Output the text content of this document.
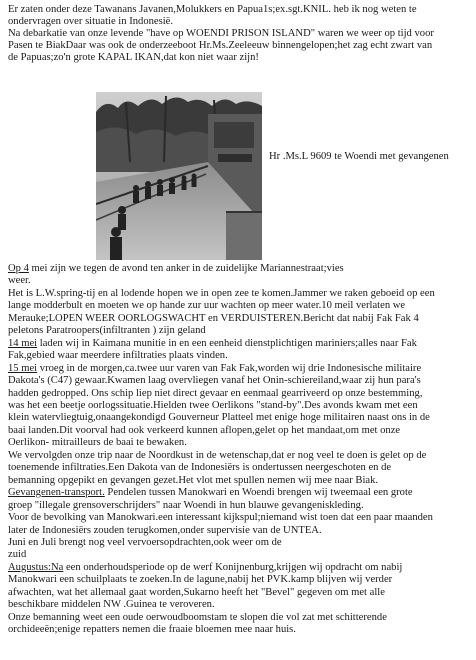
Er zaten onder deze Tawanans Javanen,Molukkers en Papua1s;ex.sgt.KNIL. heb ik nog weten te

ondervragen over situatie in Indonesië.

Na debarkatie van onze levende "have op WOENDI PRISON ISLAND" waren we weer op tijd voor

Pasen te BiakDaar was ook de onderzeeboot Hr.Ms.Zeeleeuw binnengelopen;het zag echt zwart van

de Papuas;zo'n grote KAPAL IKAN,dat kon niet waar zijn!

Hr .Ms.L 9609 te Woendi met gevangenen

Op 4 mei zijn we tegen de avond ten anker in de zuidelijke Mariannestraat;vies

weer.

Het is L.W.spring-tij en al lodende hopen we in open zee te komen.Jammer we raken geboeid op een

lange modderbult en moeten we op hande zur uur wachten op meer water.10 meil verlaten we

Merauke;LOPEN WEER OORLOGSWACHT en VERDUISTEREN.Bericht dat nabij Fak Fak 4

peletons Paratroopers(infiltranten ) zijn geland

14 mei laden wij in Kaimana munitie in en een eenheid dienstplichtigen mariniers;alles naar Fak

Fak,gebied waar meerdere infiltraties plaats vinden.

15 mei vroeg in de morgen,ca.twee uur varen van Fak Fak,worden wij drie Indonesische militaire

Dakota's (C47) gewaar.Kwamen laag overvliegen vanaf het Onin-schiereiland,waar zij hun para's

hadden gedropped. Ons schip liep niet direct gevaar en eenmaal gearriveerd op onze bestemming,

was het een beetje oorlogssituatie.Hielden twee Oerlikons "stand-by".Des avonds kwam met een

klein watervliegtuig,onaangekondigd Gouverneur Platteel met enige hoge militairen naast ons in de

baai landen.Dit voorval had ook verkeerd kunnen aflopen,gelet op het mandaat,om met onze

Oerlikon- mitrailleurs de baai te bewaken.

We vervolgden onze trip naar de Noordkust in de wetenschap,dat er nog veel te doen is gelet op de

toenemende infiltraties.Een Dakota van de Indonesiërs is ondertussen neergeschoten en de

bemanning opgepikt en gevangen gezet.Het vlot met spullen nemen wij mee naar Biak.

Gevangenen-transport. Pendelen tussen Manokwari en Woendi brengen wij tweemaal een grote

groep "illegale grensoverschrijders" naar Woendi in hun blauwe gevangeniskleding.

Voor de bevolking van Manokwari.een interessant kijkspul;niemand wist toen dat een paar maanden

later de Indonesiërs zouden terugkomen,onder supervisie van de UNTEA.

Juni en Juli brengt nog veel vervoersopdrachten,ook weer om de

zuid

Augustus:Na een onderhoudsperiode op de werf Konijnenburg,krijgen wij opdracht om nabij

Manokwari een schuilplaats te zoeken.In de lagune,nabij het PVK.kamp blijven wij verder

afwachten, wat het allemaal gaat worden,Sukarno heeft het "Bevel" gegeven om met alle

beschikbare middelen NW .Guinea te veroveren.

Onze bemanning weet een oude oerwoudboomstam te slopen die vol zat met schitterende

orchideeën;enige repatters nemen die fraaie bloemen mee naar huis.
